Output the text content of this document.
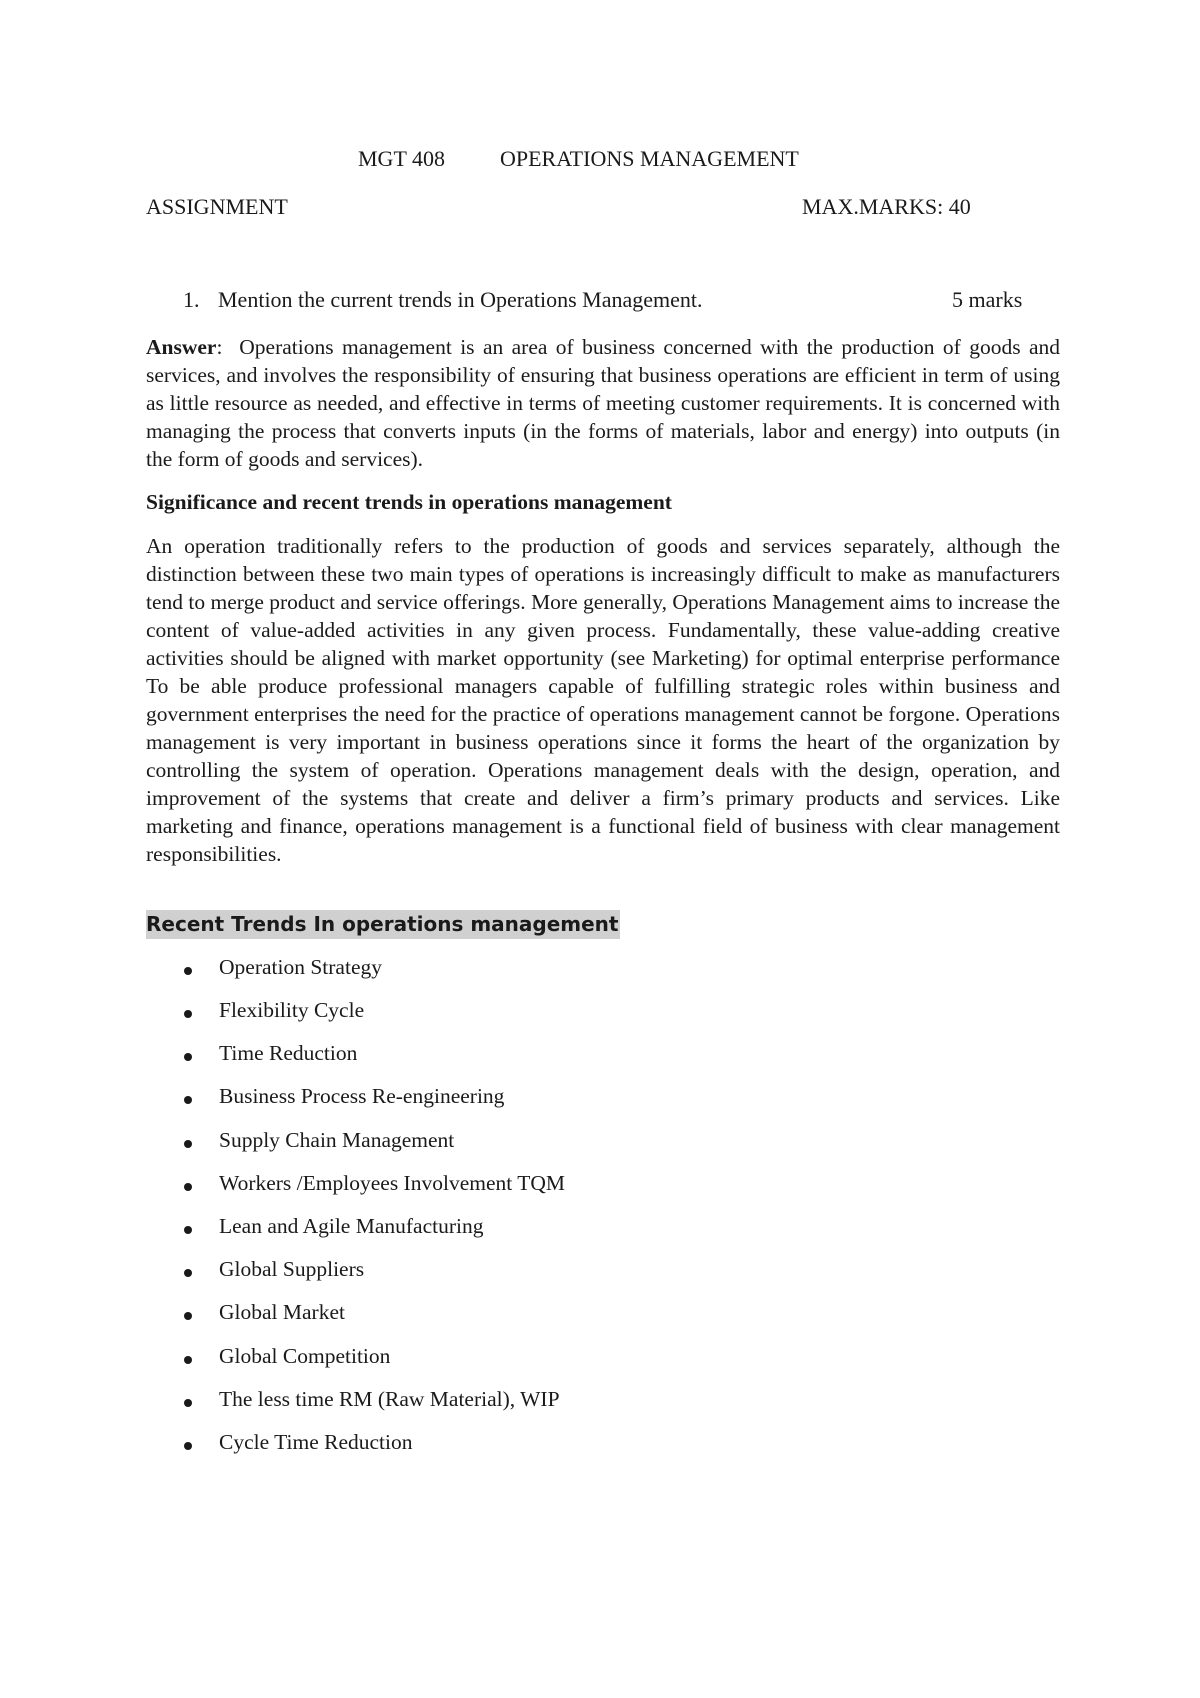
MGT 408	OPERATIONS MANAGEMENT
ASSIGNMENT	MAX.MARKS: 40
1. Mention the current trends in Operations Management.	5 marks
Answer: Operations management is an area of business concerned with the production of goods and services, and involves the responsibility of ensuring that business operations are efficient in term of using as little resource as needed, and effective in terms of meeting customer requirements. It is concerned with managing the process that converts inputs (in the forms of materials, labor and energy) into outputs (in the form of goods and services).
Significance and recent trends in operations management
An operation traditionally refers to the production of goods and services separately, although the distinction between these two main types of operations is increasingly difficult to make as manufacturers tend to merge product and service offerings. More generally, Operations Management aims to increase the content of value-added activities in any given process. Fundamentally, these value-adding creative activities should be aligned with market opportunity (see Marketing) for optimal enterprise performance To be able produce professional managers capable of fulfilling strategic roles within business and government enterprises the need for the practice of operations management cannot be forgone. Operations management is very important in business operations since it forms the heart of the organization by controlling the system of operation. Operations management deals with the design, operation, and improvement of the systems that create and deliver a firm’s primary products and services. Like marketing and finance, operations management is a functional field of business with clear management responsibilities.
Recent Trends In operations management
Operation Strategy
Flexibility Cycle
Time Reduction
Business Process Re-engineering
Supply Chain Management
Workers /Employees Involvement TQM
Lean and Agile Manufacturing
Global Suppliers
Global Market
Global Competition
The less time RM (Raw Material), WIP
Cycle Time Reduction
